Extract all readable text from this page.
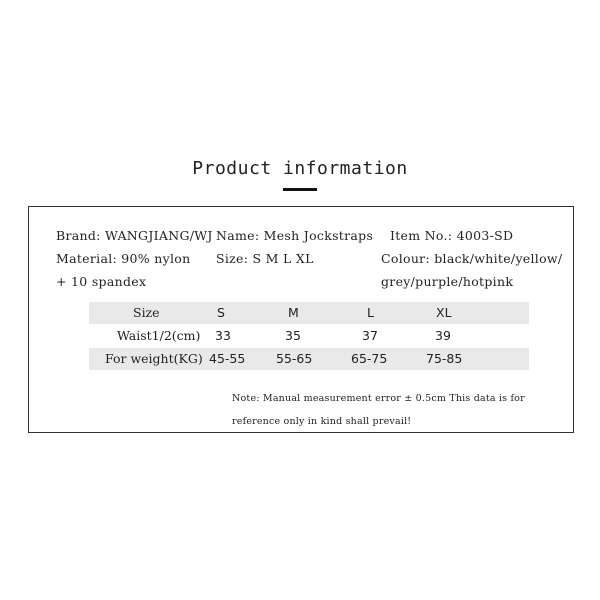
Product information
Brand: WANGJIANG/WJ Name: Mesh Jockstraps Item No.: 4003-SD
Material: 90% nylon Size: S M L XL	Colour: black/white/yellow/
+ 10 spandex	grey/purple/hotpink
Size	S	M	L	XL
Waist1/2(cm) 33	35	37	39
For weight(KG) 45-55 55-65	65-75	75-85
Note: Manual measurement error ± 0.5cm This data is for
reference only in kind shall prevail!
